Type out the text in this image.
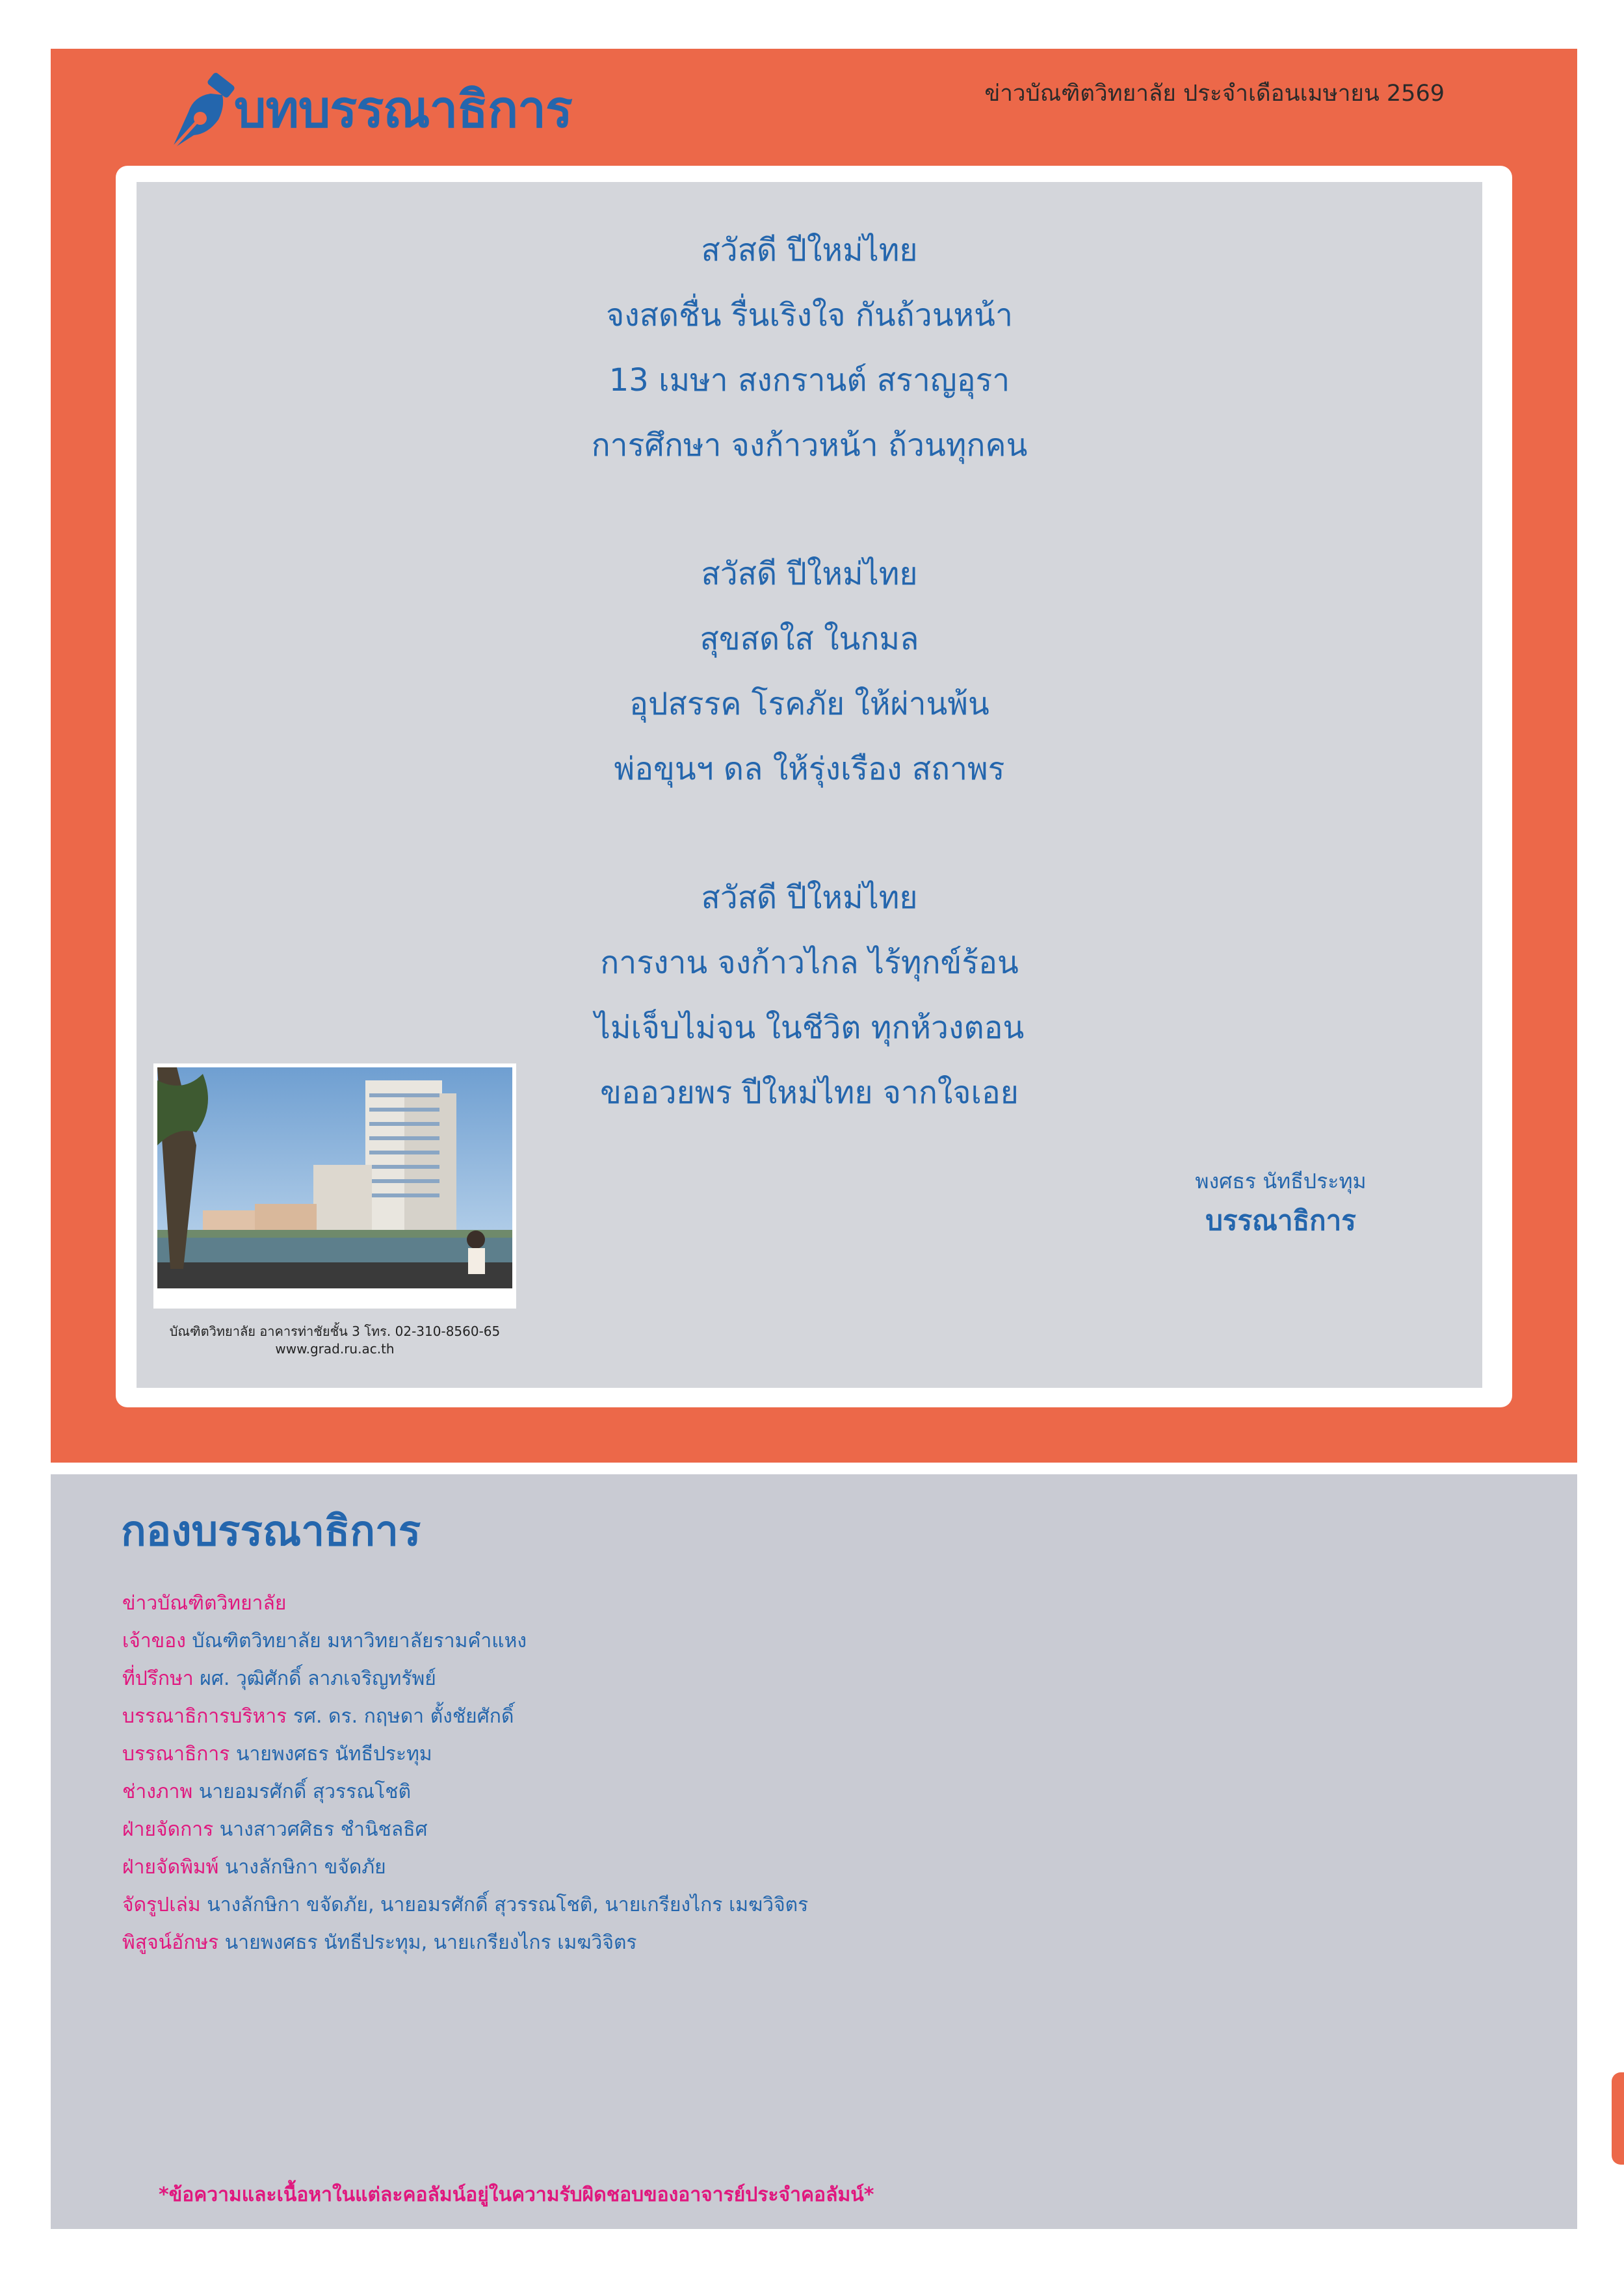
บทบรรณาธิการ	ข่าวบัณฑิตวิทยาลัย ประจำเดือนเมษายน 2569
สวัสดี ปีใหม่ไทย
จงสดชื่น รื่นเริงใจ กันถ้วนหน้า
13 เมษา สงกรานต์ สราญอุรา
การศึกษา จงก้าวหน้า ถ้วนทุกคน
สวัสดี ปีใหม่ไทย
สุขสดใส ในกมล
อุปสรรค โรคภัย ให้ผ่านพ้น
พ่อขุนฯ ดล ให้รุ่งเรือง สถาพร
สวัสดี ปีใหม่ไทย
การงาน จงก้าวไกล ไร้ทุกข์ร้อน
ไม่เจ็บไม่จน ในชีวิต ทุกห้วงตอน
ขออวยพร ปีใหม่ไทย จากใจเอย
บัณฑิตวิทยาลัย อาคารท่าชัยชั้น 3 โทร. 02-310-8560-65
www.grad.ru.ac.th
พงศธร นัทธีประทุม
บรรณาธิการ
กองบรรณาธิการ
ข่าวบัณฑิตวิทยาลัย
เจ้าของ บัณฑิตวิทยาลัย มหาวิทยาลัยรามคำแหง
ที่ปรึกษา ผศ. วุฒิศักดิ์ ลาภเจริญทรัพย์
บรรณาธิการบริหาร รศ. ดร. กฤษดา ตั้งชัยศักดิ์
บรรณาธิการ นายพงศธร นัทธีประทุม
ช่างภาพ นายอมรศักดิ์ สุวรรณโชติ
ฝ่ายจัดการ นางสาวศศิธร ชำนิชลธิศ
ฝ่ายจัดพิมพ์ นางลักษิกา ขจัดภัย
จัดรูปเล่ม นางลักษิกา ขจัดภัย, นายอมรศักดิ์ สุวรรณโชติ, นายเกรียงไกร เมฆวิจิตร
พิสูจน์อักษร นายพงศธร นัทธีประทุม, นายเกรียงไกร เมฆวิจิตร
*ข้อความและเนื้อหาในแต่ละคอลัมน์อยู่ในความรับผิดชอบของอาจารย์ประจำคอลัมน์*
